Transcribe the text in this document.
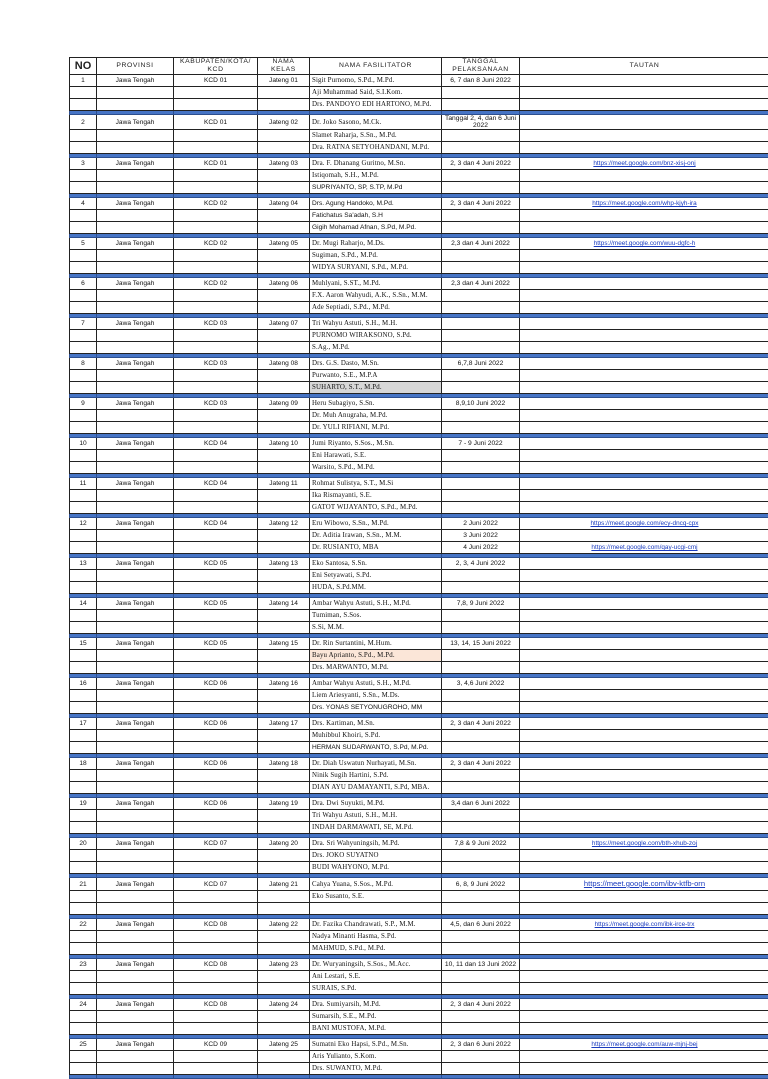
NO	PROVINSI	KABUPATEN/KOTA/ KCD	NAMA KELAS	NAMA FASILITATOR	TANGGAL PELAKSANAAN	TAUTAN
1	Jawa Tengah	KCD 01	Jateng 01	Sigit Purnomo, S.Pd., M.Pd.	6, 7 dan 8 Juni 2022	
				Aji Muhammad Said, S.I.Kom.		
				Drs. PANDOYO EDI HARTONO, M.Pd.		

2	Jawa Tengah	KCD 01	Jateng 02	Dr. Joko Sasono, M.Ck.	Tanggal 2, 4, dan 6 Juni 2022	
				Slamet Raharja, S.Sn., M.Pd.		
				Dra. RATNA SETYOHANDANI, M.Pd.		

3	Jawa Tengah	KCD 01	Jateng 03	Dra. F. Dhanang Guritno, M.Sn.	2, 3 dan 4 Juni 2022	https://meet.google.com/bnz-xisj-onj
				Istiqomah, S.H., M.Pd.		
				SUPRIYANTO, SP, S.TP, M.Pd		

4	Jawa Tengah	KCD 02	Jateng 04	Drs. Agung Handoko, M.Pd.	2, 3 dan 4 Juni 2022	https://meet.google.com/whp-kjyh-ira
				Fatichatus Sa'adah, S.H		
				Gigih Mohamad Afnan, S.Pd, M.Pd.		

5	Jawa Tengah	KCD 02	Jateng 05	Dr. Mugi Raharjo, M.Ds.	2,3 dan 4 Juni 2022	https://meet.google.com/wuu-dgfc-h
				Sugiman, S.Pd., M.Pd.		
				WIDYA SURYANI, S.Pd., M.Pd.		

6	Jawa Tengah	KCD 02	Jateng 06	Muhlyani, S.ST., M.Pd.	2,3 dan 4 Juni 2022	
				F.X. Aaron Wahyudi, A.K., S.Sn., M.M.		
				Ade Septiadi, S.Pd., M.Pd.		

7	Jawa Tengah	KCD 03	Jateng 07	Tri Wahyu Astuti, S.H., M.H.		
				PURNOMO WIRAKSONO, S.Pd.		
				S.Ag., M.Pd.		

8	Jawa Tengah	KCD 03	Jateng 08	Drs. G.S. Dasto, M.Sn.	6,7,8 Juni 2022	
				Purwanto, S.E., M.P.A		
				SUHARTO, S.T., M.Pd.		

9	Jawa Tengah	KCD 03	Jateng 09	Heru Subagiyo, S.Sn.	8,9,10 Juni 2022	
				Dr. Muh Anugraha, M.Pd.		
				Dr. YULI RIFIANI, M.Pd.		

10	Jawa Tengah	KCD 04	Jateng 10	Jumi Riyanto, S.Sos., M.Sn.	7 - 9 Juni 2022	
				Eni Harawati, S.E.		
				Warsito, S.Pd., M.Pd.		

11	Jawa Tengah	KCD 04	Jateng 11	Rohmat Sulistya, S.T., M.Si		
				Ika Rismayanti, S.E.		
				GATOT WIJAYANTO, S.Pd., M.Pd.		

12	Jawa Tengah	KCD 04	Jateng 12	Eru Wibowo, S.Sn., M.Pd.	2 Juni 2022	https://meet.google.com/ecy-dncq-cpx
				Dr. Aditia Irawan, S.Sn., M.M.	3 Juni 2022	
				Dr. RUSIANTO, MBA	4 Juni 2022	https://meet.google.com/qay-ucgi-cmj

13	Jawa Tengah	KCD 05	Jateng 13	Eko Santosa, S.Sn.	2, 3, 4 Juni 2022	
				Eni Setyawati, S.Pd.		
				HUDA, S.Pd.MM.		

14	Jawa Tengah	KCD 05	Jateng 14	Ambar Wahyu Astuti, S.H., M.Pd.	7,8, 9 Juni 2022	
				Tumiman, S.Sos.		
				S.Si, M.M.		

15	Jawa Tengah	KCD 05	Jateng 15	Dr. Rin Surtantini, M.Hum.	13, 14, 15 Juni 2022	
				Bayu Aprianto, S.Pd., M.Pd.		
				Drs. MARWANTO, M.Pd.		

16	Jawa Tengah	KCD 06	Jateng 16	Ambar Wahyu Astuti, S.H., M.Pd.	3, 4,6 Juni 2022	
				Liem Ariesyanti, S.Sn., M.Ds.		
				Drs. YONAS SETYONUGROHO, MM		

17	Jawa Tengah	KCD 06	Jateng 17	Drs. Kartiman, M.Sn.	2, 3 dan 4 Juni 2022	
				Muhibbul Khoiri, S.Pd.		
				HERMAN SUDARWANTO, S.Pd, M.Pd.		

18	Jawa Tengah	KCD 06	Jateng 18	Dr. Diah Uswatun Nurhayati, M.Sn.	2, 3 dan 4 Juni 2022	
				Ninik Sugih Hartini, S.Pd.		
				DIAN AYU DAMAYANTI, S.Pd, MBA.		

19	Jawa Tengah	KCD 06	Jateng 19	Dra. Dwi Suyukti, M.Pd.	3,4 dan 6 Juni 2022	
				Tri Wahyu Astuti, S.H., M.H.		
				INDAH DARMAWATI, SE, M.Pd.		

20	Jawa Tengah	KCD 07	Jateng 20	Dra. Sri Wahyuningsih, M.Pd.	7,8 & 9 Juni 2022	https://meet.google.com/bth-xhub-zoj
				Drs. JOKO SUYATNO		
				BUDI WAHYONO, M.Pd.		

21	Jawa Tengah	KCD 07	Jateng 21	Cahya Yuana, S.Sos., M.Pd.	6, 8, 9 Juni 2022	https://meet.google.com/ibv-ktfb-orn
				Eko Susanto, S.E.		

22	Jawa Tengah	KCD 08	Jateng 22	Dr. Fazika Chandrawati, S.P., M.M.	4,5, dan 6 Juni 2022	https://meet.google.com/ibk-irce-trx
				Nadya Minanti Hasma, S.Pd.		
				MAHMUD, S.Pd., M.Pd.		

23	Jawa Tengah	KCD 08	Jateng 23	Dr. Wuryaningsih, S.Sos., M.Acc.	10, 11 dan 13 Juni 2022	
				Ani Lestari, S.E.		
				SURAIS, S.Pd.		

24	Jawa Tengah	KCD 08	Jateng 24	Dra. Sumiyarsih, M.Pd.	2, 3 dan 4 Juni 2022	
				Sumarsih, S.E., M.Pd.		
				BANI MUSTOFA, M.Pd.		

25	Jawa Tengah	KCD 09	Jateng 25	Sumatni Eko Hapsi, S.Pd., M.Sn.	2, 3 dan 6 Juni 2022	https://meet.google.com/auw-mjnj-bej
				Aris Yulianto, S.Kom.		
				Drs. SUWANTO, M.Pd.		
